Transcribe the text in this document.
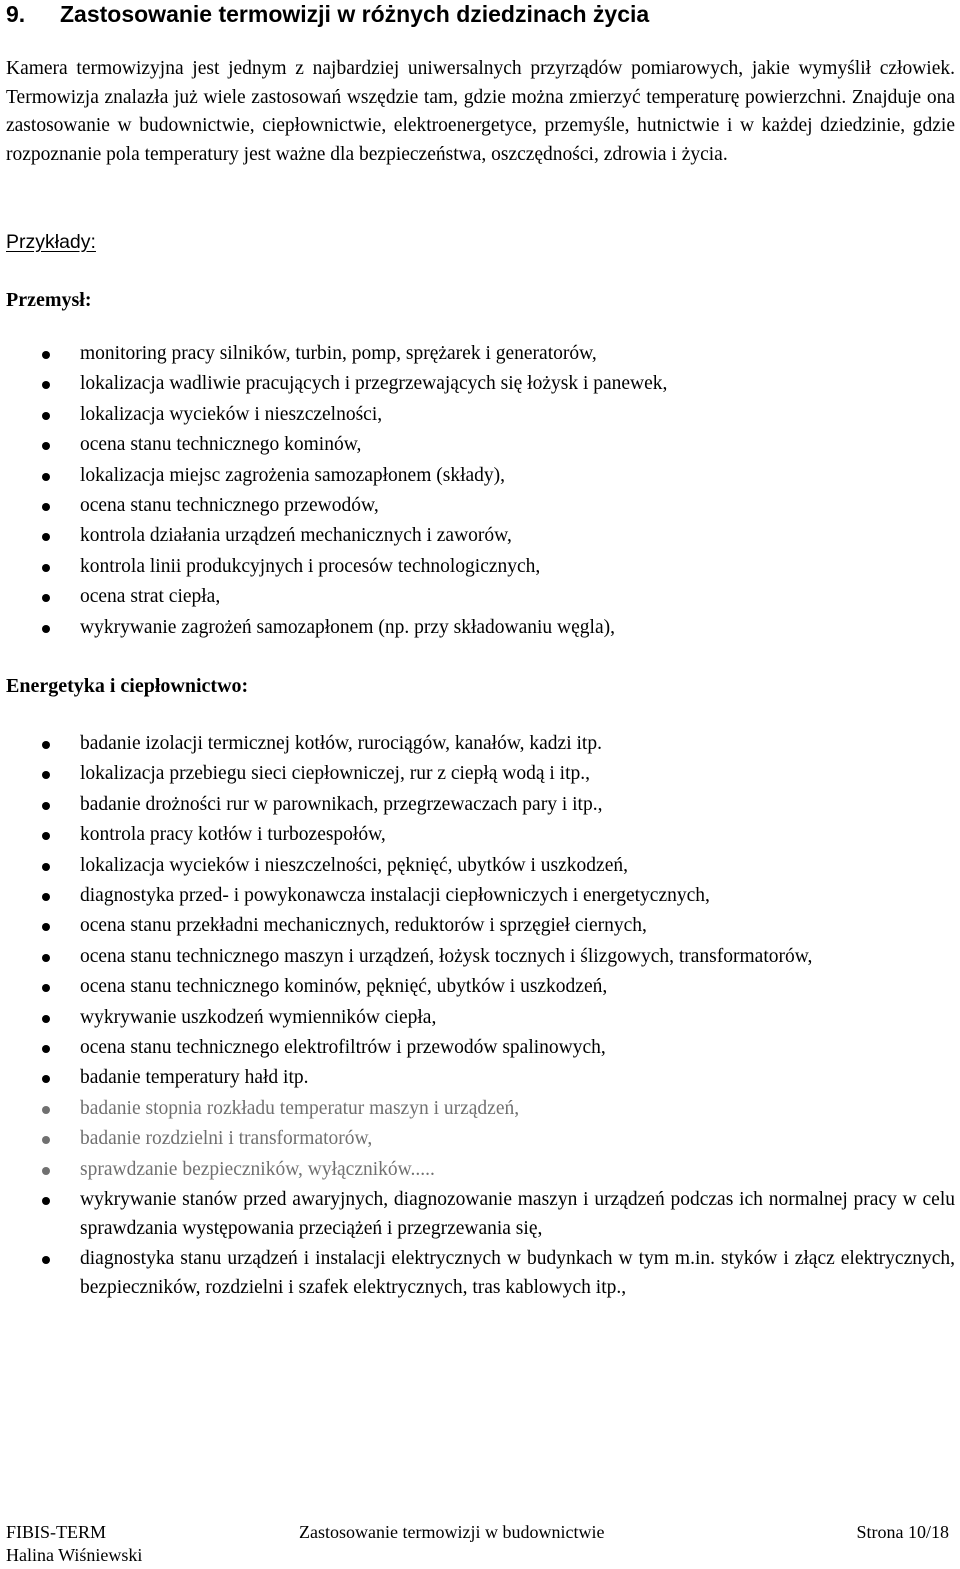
9. Zastosowanie termowizji w różnych dziedzinach życia

Kamera termowizyjna jest jednym z najbardziej uniwersalnych przyrządów pomiarowych, jakie wymyślił człowiek. Termowizja znalazła już wiele zastosowań wszędzie tam, gdzie można zmierzyć temperaturę powierzchni. Znajduje ona zastosowanie w budownictwie, ciepłownictwie, elektroenergetyce, przemyśle, hutnictwie i w każdej dziedzinie, gdzie rozpoznanie pola temperatury jest ważne dla bezpieczeństwa, oszczędności, zdrowia i życia.

Przykłady:

Przemysł:
monitoring pracy silników, turbin, pomp, sprężarek i generatorów,
lokalizacja wadliwie pracujących i przegrzewających się łożysk i panewek,
lokalizacja wycieków i nieszczelności,
ocena stanu technicznego kominów,
lokalizacja miejsc zagrożenia samozapłonem (składy),
ocena stanu technicznego przewodów,
kontrola działania urządzeń mechanicznych i zaworów,
kontrola linii produkcyjnych i procesów technologicznych,
ocena strat ciepła,
wykrywanie zagrożeń samozapłonem (np. przy składowaniu węgla),
Energetyka i ciepłownictwo:
badanie izolacji termicznej kotłów, rurociągów, kanałów, kadzi itp.
lokalizacja przebiegu sieci ciepłowniczej, rur z ciepłą wodą i itp.,
badanie drożności rur w parownikach, przegrzewaczach pary i itp.,
kontrola pracy kotłów i turbozespołów,
lokalizacja wycieków i nieszczelności, pęknięć, ubytków i uszkodzeń,
diagnostyka przed- i powykonawcza instalacji ciepłowniczych i energetycznych,
ocena stanu przekładni mechanicznych, reduktorów i sprzęgieł ciernych,
ocena stanu technicznego maszyn i urządzeń, łożysk tocznych i ślizgowych, transformatorów,
ocena stanu technicznego kominów, pęknięć, ubytków i uszkodzeń,
wykrywanie uszkodzeń wymienników ciepła,
ocena stanu technicznego elektrofiltrów i przewodów spalinowych,
badanie temperatury hałd itp.
badanie stopnia rozkładu temperatur maszyn i urządzeń,
badanie rozdzielni i transformatorów,
sprawdzanie bezpieczników, wyłączników.....
wykrywanie stanów przed awaryjnych, diagnozowanie maszyn i urządzeń podczas ich normalnej pracy w celu sprawdzania występowania przeciążeń i przegrzewania się,
diagnostyka stanu urządzeń i instalacji elektrycznych w budynkach w tym m.in. styków i złącz elektrycznych, bezpieczników, rozdzielni i szafek elektrycznych, tras kablowych itp.,
FIBIS-TERM
Halina Wiśniewski
Zastosowanie termowizji w budownictwie	Strona 10/18
